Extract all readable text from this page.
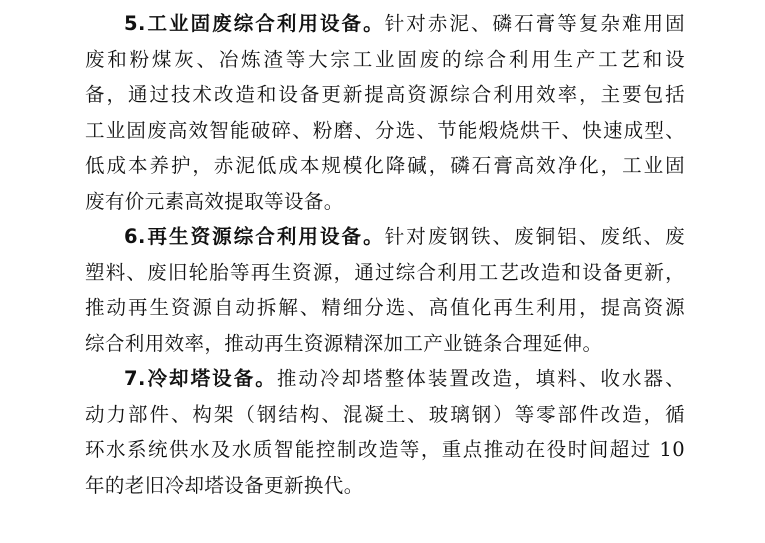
5.工业固废综合利用设备。针对赤泥、磷石膏等复杂难用固
废和粉煤灰、冶炼渣等大宗工业固废的综合利用生产工艺和设
备，通过技术改造和设备更新提高资源综合利用效率，主要包括
工业固废高效智能破碎、粉磨、分选、节能煅烧烘干、快速成型、
低成本养护，赤泥低成本规模化降碱，磷石膏高效净化，工业固
废有价元素高效提取等设备。
6.再生资源综合利用设备。针对废钢铁、废铜铝、废纸、废
塑料、废旧轮胎等再生资源，通过综合利用工艺改造和设备更新，
推动再生资源自动拆解、精细分选、高值化再生利用，提高资源
综合利用效率，推动再生资源精深加工产业链条合理延伸。
7.冷却塔设备。推动冷却塔整体装置改造，填料、收水器、
动力部件、构架（钢结构、混凝土、玻璃钢）等零部件改造，循
环水系统供水及水质智能控制改造等，重点推动在役时间超过 10
年的老旧冷却塔设备更新换代。
